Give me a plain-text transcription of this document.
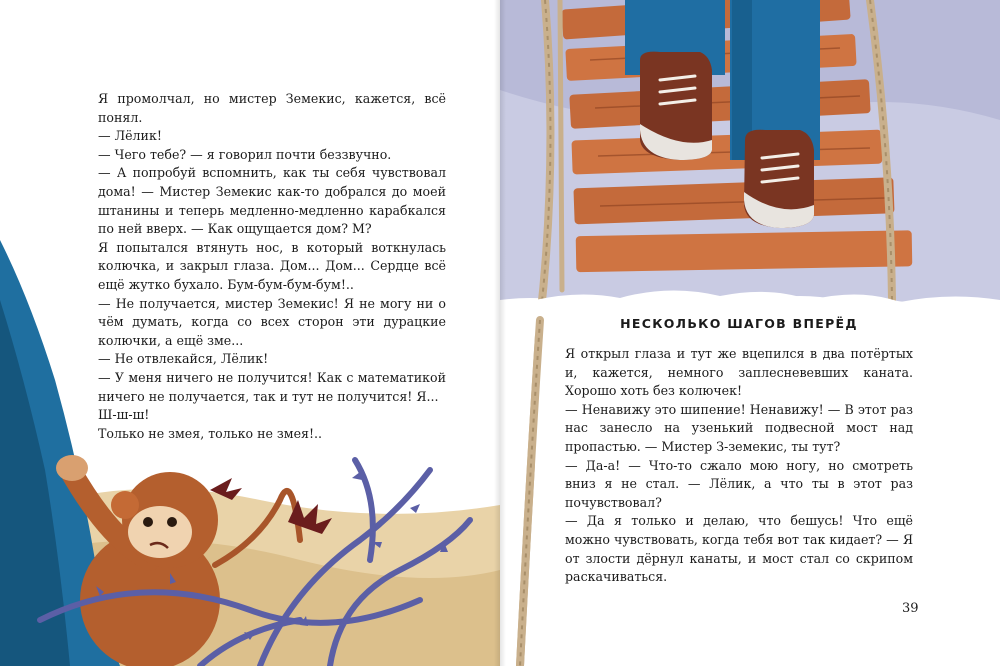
Я промолчал, но мистер Земекис, кажется, всё понял.

— Лёлик!

— Чего тебе? — я говорил почти беззвучно.

— А попробуй вспомнить, как ты себя чувствовал дома! — Мистер Земекис как-то добрался до моей штанины и теперь медленно-медленно карабкался по ней вверх. — Как ощущается дом? М?

Я попытался втянуть нос, в который воткнулась колючка, и закрыл глаза. Дом... Дом... Сердце всё ещё жутко бухало. Бум-бум-бум-бум!..

— Не получается, мистер Земекис! Я не могу ни о чём думать, когда со всех сторон эти дурацкие колючки, а ещё зме...

— Не отвлекайся, Лёлик!

— У меня ничего не получится! Как с математикой ничего не получается, так и тут не получится! Я...

Ш-ш-ш!

Только не змея, только не змея!..

НЕСКОЛЬКО ШАГОВ ВПЕРЁД

Я открыл глаза и тут же вцепился в два потёртых и, кажется, немного заплесневевших каната. Хорошо хоть без колючек!

— Ненавижу это шипение! Ненавижу! — В этот раз нас занесло на узенький подвесной мост над пропастью. — Мистер З-земекис, ты тут?

— Да-а! — Что-то сжало мою ногу, но смотреть вниз я не стал. — Лёлик, а что ты в этот раз почувствовал?

— Да я только и делаю, что бешусь! Что ещё можно чувствовать, когда тебя вот так кидает? — Я от злости дёрнул канаты, и мост стал со скрипом раскачиваться.

39
